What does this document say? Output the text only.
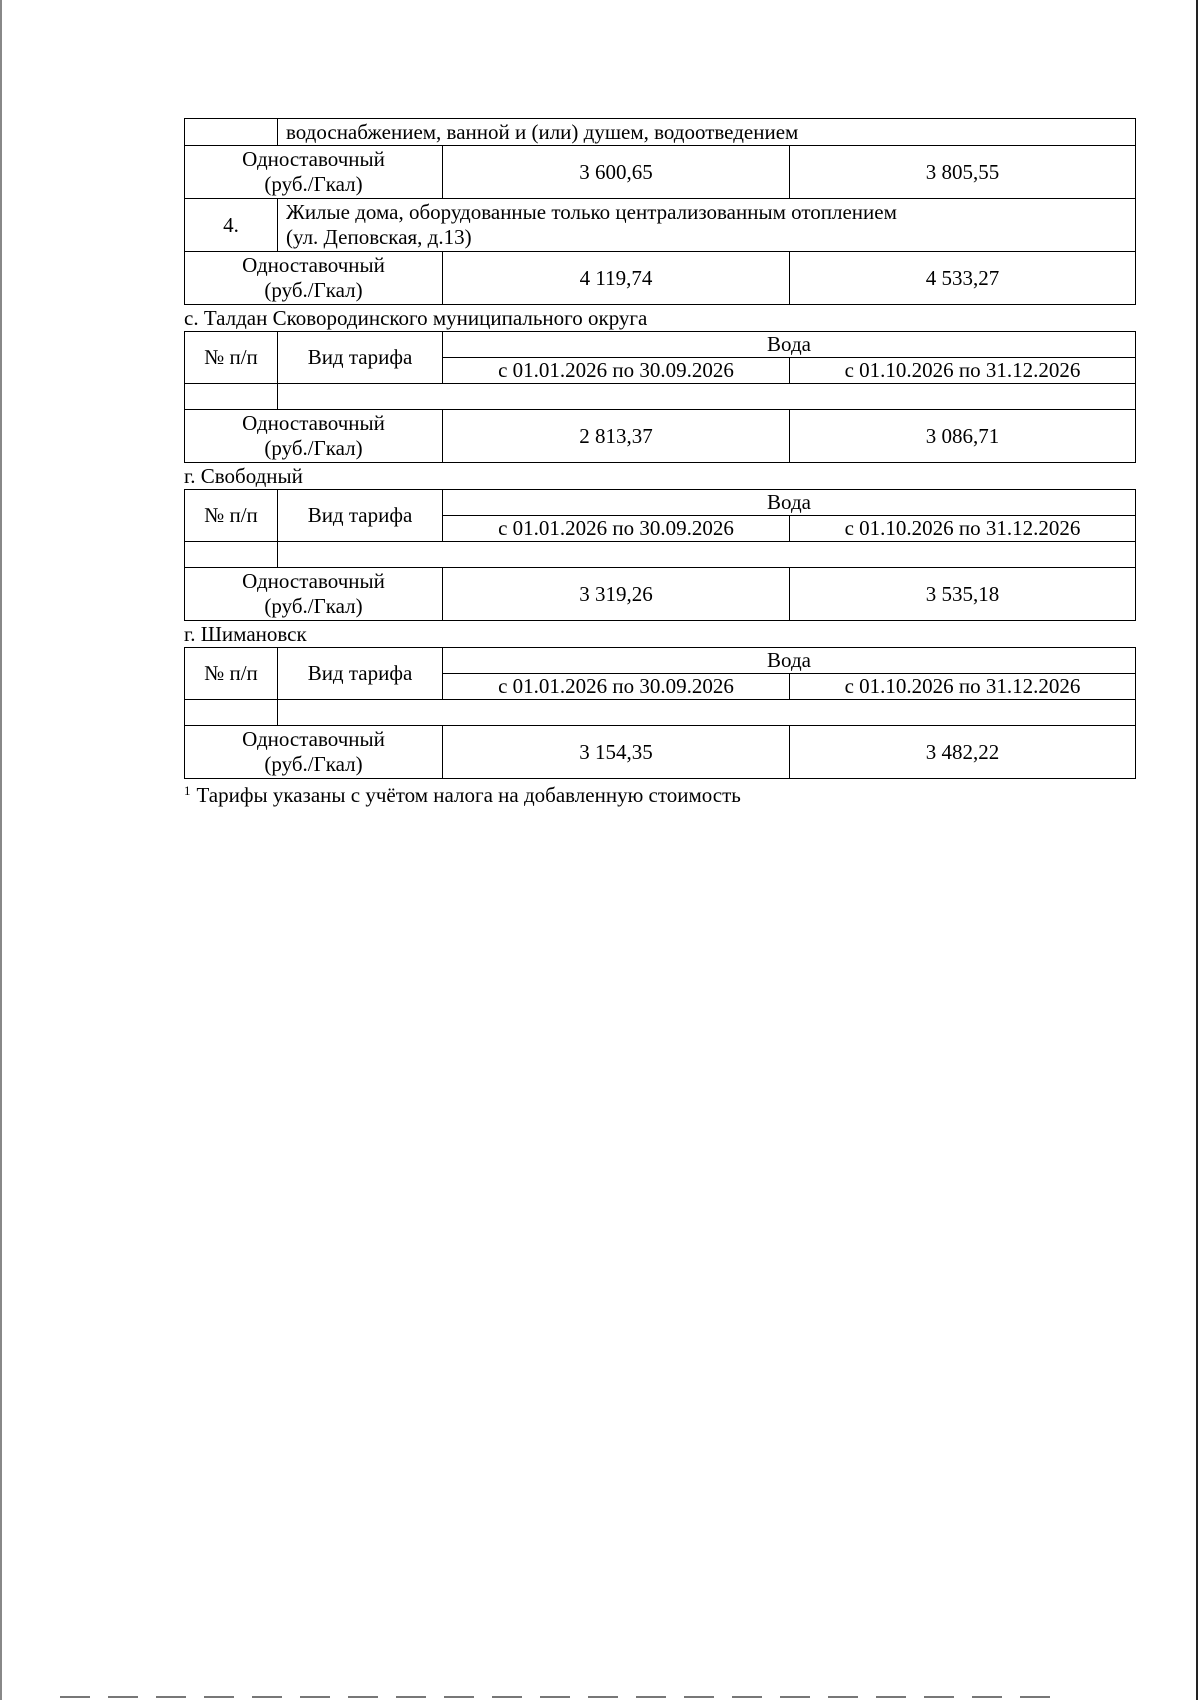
	водоснабжением, ванной и (или) душем, водоотведением		

Одноставочный
(руб./Гкал)		3 600,65	3 805,55
4.	Жилые дома, оборудованные только централизованным отоплением
(ул. Деповская, д.13)		

Одноставочный
(руб./Гкал)		4 119,74	4 533,27
с. Талдан Сковородинского муниципального округа
№ п/п	Вид тарифа	Вода	
		с 01.01.2026 по 30.09.2026	с 01.10.2026 по 31.12.2026

Одноставочный
(руб./Гкал)		2 813,37	3 086,71
г. Свободный
№ п/п	Вид тарифа	Вода	
		с 01.01.2026 по 30.09.2026	с 01.10.2026 по 31.12.2026

Одноставочный
(руб./Гкал)		3 319,26	3 535,18
г. Шимановск
№ п/п	Вид тарифа	Вода	
		с 01.01.2026 по 30.09.2026	с 01.10.2026 по 31.12.2026

Одноставочный
(руб./Гкал)		3 154,35	3 482,22
$^1$ Тарифы указаны с учётом налога на добавленную стоимость
